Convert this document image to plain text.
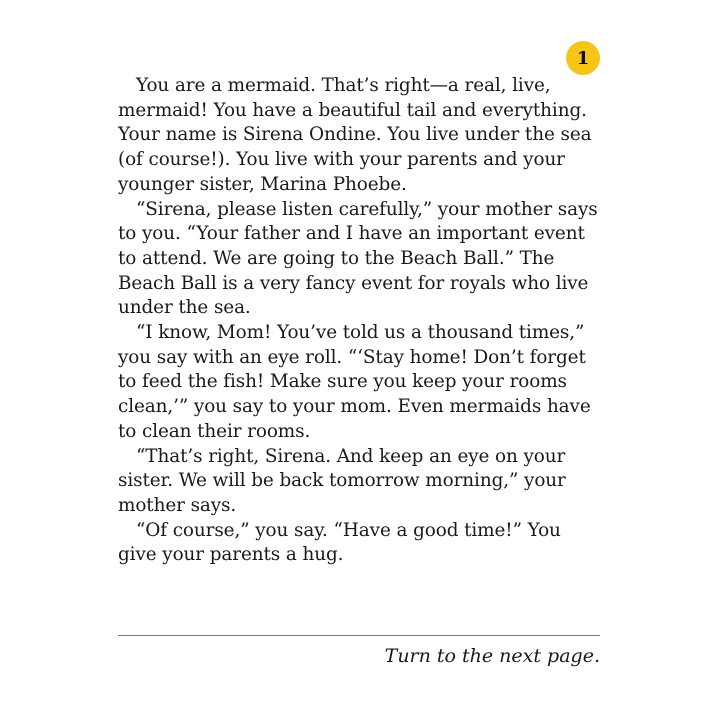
1

You are a mermaid. That’s right—a real, live, mermaid! You have a beautiful tail and everything. Your name is Sirena Ondine. You live under the sea (of course!). You live with your parents and your younger sister, Marina Phoebe.

“Sirena, please listen carefully,” your mother says to you. “Your father and I have an important event to attend. We are going to the Beach Ball.” The Beach Ball is a very fancy event for royals who live under the sea.

“I know, Mom! You’ve told us a thousand times,” you say with an eye roll. “‘Stay home! Don’t forget to feed the fish! Make sure you keep your rooms clean,’” you say to your mom. Even mermaids have to clean their rooms.

“That’s right, Sirena. And keep an eye on your sister. We will be back tomorrow morning,” your mother says.

“Of course,” you say. “Have a good time!” You give your parents a hug.

Turn to the next page.
